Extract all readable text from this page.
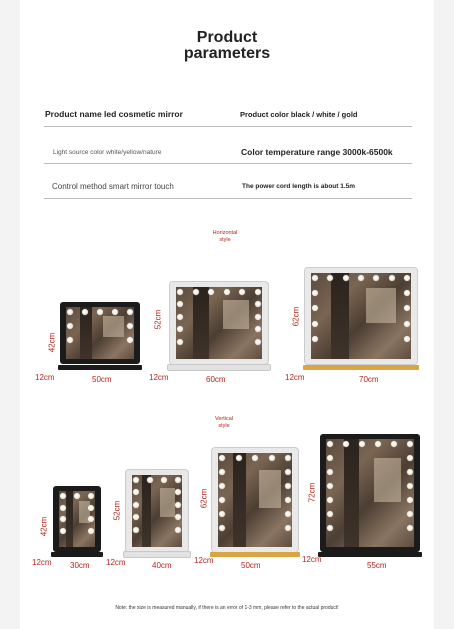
Product
parameters
Product name led cosmetic mirror	Product color black / white / gold
Light source color white/yellow/nature	Color temperature range 3000k-6500k
Control method smart mirror touch	The power cord length is about 1.5m
Horizontal
style
42cm
12cm	50cm
52cm
12cm	60cm
62cm
12cm	70cm
Vertical
style
42cm
12cm 30cm
52cm
12cm	40cm
62cm
12cm
50cm
72cm
12cm
55cm
Note: the size is measured manually, if there is an error of 1-3 mm, please refer to the actual product!
